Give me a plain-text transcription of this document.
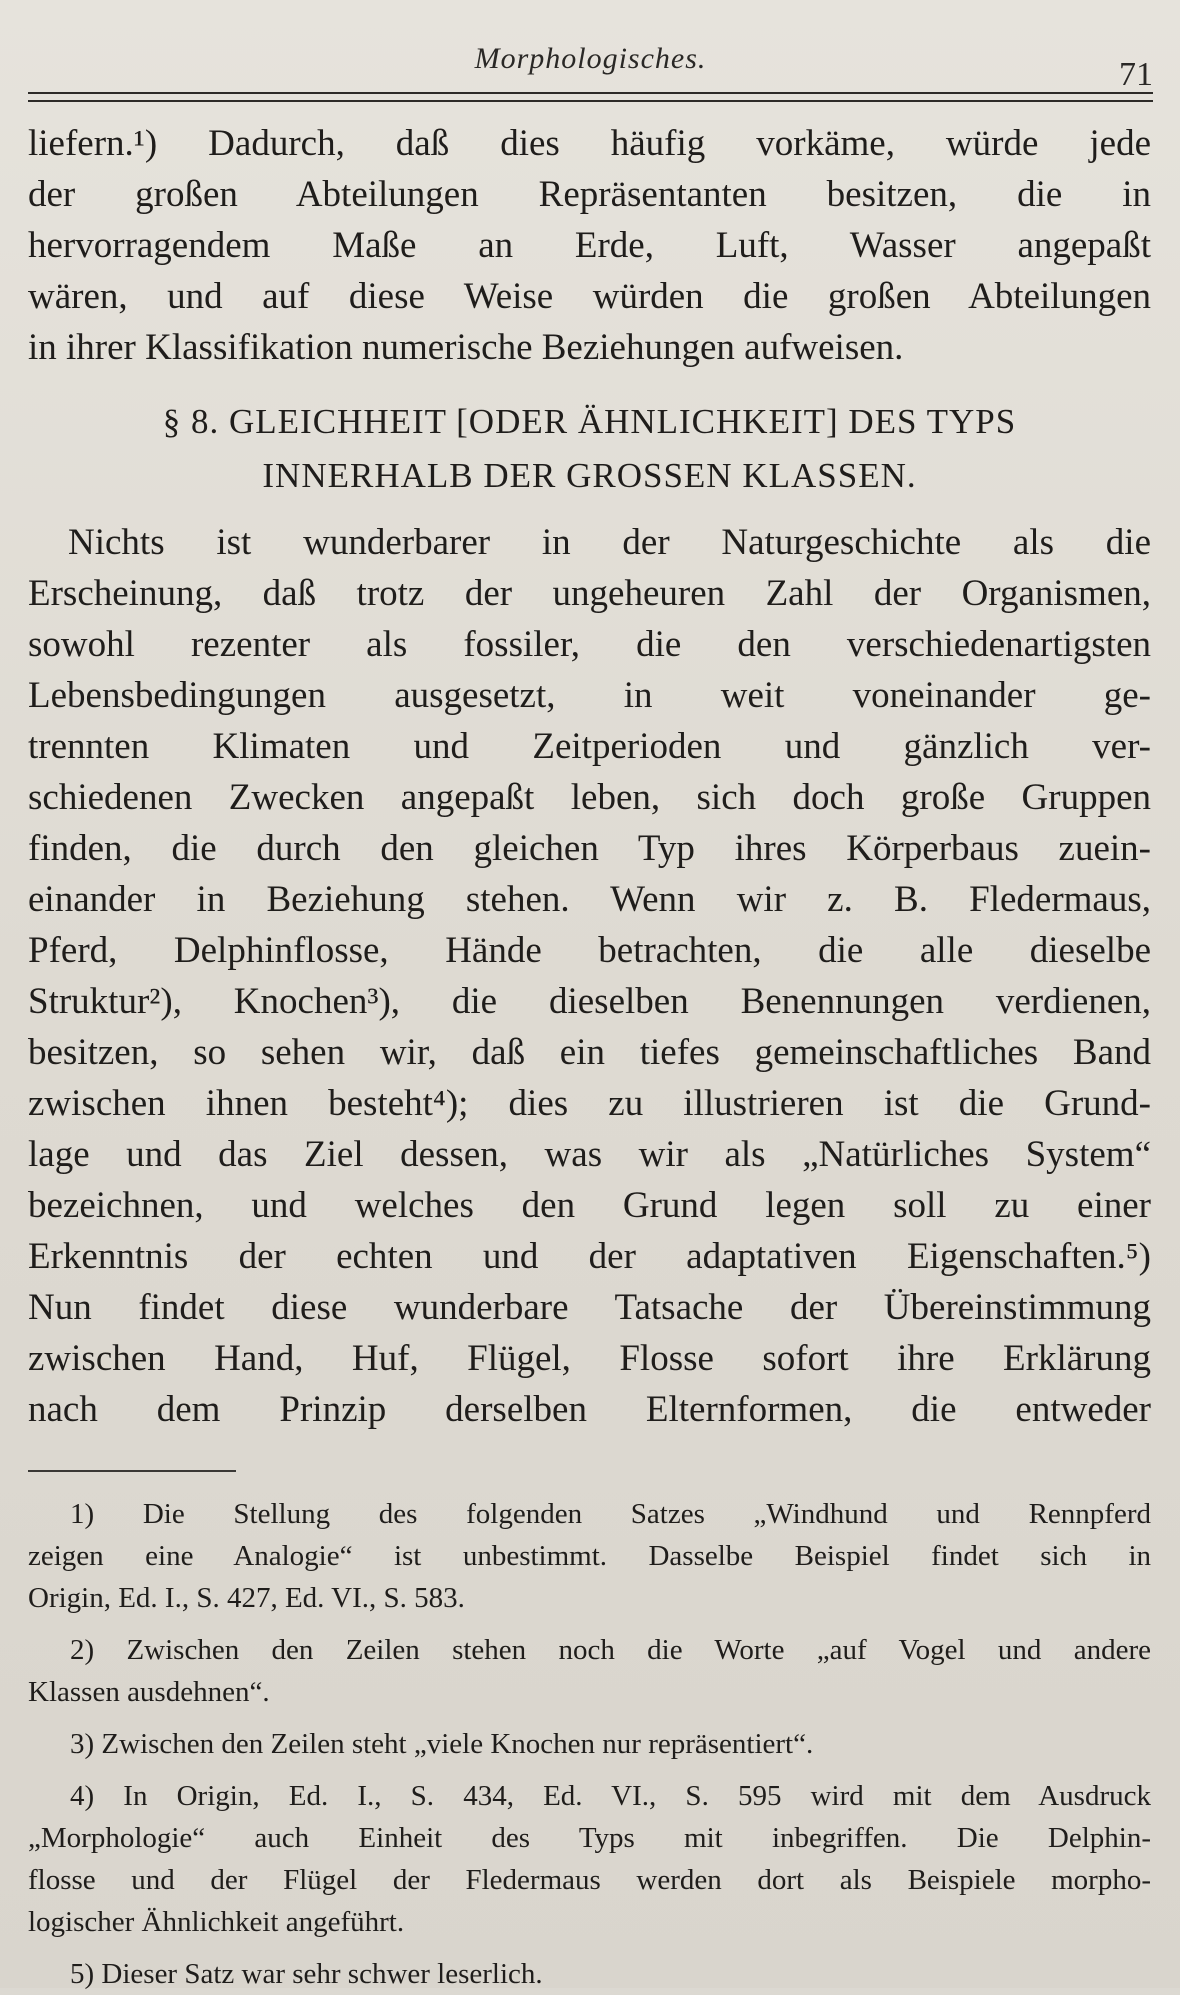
Morphologisches.	71
liefern.¹) Dadurch, daß dies häufig vorkäme, würde jede
der großen Abteilungen Repräsentanten besitzen, die in
hervorragendem Maße an Erde, Luft, Wasser angepaßt
wären, und auf diese Weise würden die großen Abteilungen
in ihrer Klassifikation numerische Beziehungen aufweisen.
§ 8. GLEICHHEIT [ODER ÄHNLICHKEIT] DES TYPS
INNERHALB DER GROSSEN KLASSEN.
Nichts ist wunderbarer in der Naturgeschichte als die
Erscheinung, daß trotz der ungeheuren Zahl der Organismen,
sowohl rezenter als fossiler, die den verschiedenartigsten
Lebensbedingungen ausgesetzt, in weit voneinander ge-
trennten Klimaten und Zeitperioden und gänzlich ver-
schiedenen Zwecken angepaßt leben, sich doch große Gruppen
finden, die durch den gleichen Typ ihres Körperbaus zuein-
einander in Beziehung stehen. Wenn wir z. B. Fledermaus,
Pferd, Delphinflosse, Hände betrachten, die alle dieselbe
Struktur²), Knochen³), die dieselben Benennungen verdienen,
besitzen, so sehen wir, daß ein tiefes gemeinschaftliches Band
zwischen ihnen besteht⁴); dies zu illustrieren ist die Grund-
lage und das Ziel dessen, was wir als „Natürliches System“
bezeichnen, und welches den Grund legen soll zu einer
Erkenntnis der echten und der adaptativen Eigenschaften.⁵)
Nun findet diese wunderbare Tatsache der Übereinstimmung
zwischen Hand, Huf, Flügel, Flosse sofort ihre Erklärung
nach dem Prinzip derselben Elternformen, die entweder
1) Die Stellung des folgenden Satzes „Windhund und Rennpferd
zeigen eine Analogie“ ist unbestimmt. Dasselbe Beispiel findet sich in
Origin, Ed. I., S. 427, Ed. VI., S. 583.
2) Zwischen den Zeilen stehen noch die Worte „auf Vogel und andere
Klassen ausdehnen“.
3) Zwischen den Zeilen steht „viele Knochen nur repräsentiert“.
4) In Origin, Ed. I., S. 434, Ed. VI., S. 595 wird mit dem Ausdruck
„Morphologie“ auch Einheit des Typs mit inbegriffen. Die Delphin-
flosse und der Flügel der Fledermaus werden dort als Beispiele morpho-
logischer Ähnlichkeit angeführt.
5) Dieser Satz war sehr schwer leserlich.
